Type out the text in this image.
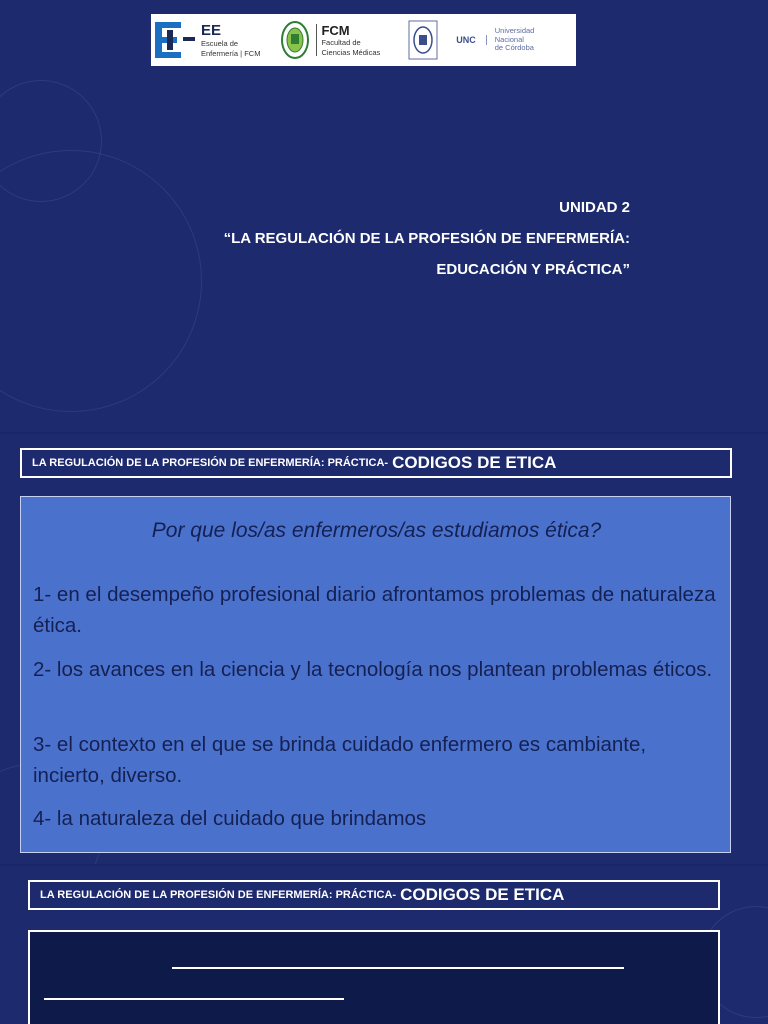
EE
Escuela de
Enfermería | FCM
FCM
Facultad de
Ciencias Médicas
UNC
Universidad
Nacional
de Córdoba
UNIDAD 2
“LA REGULACIÓN DE LA PROFESIÓN DE ENFERMERÍA:
EDUCACIÓN Y PRÁCTICA”
LA REGULACIÓN DE LA PROFESIÓN DE ENFERMERÍA: PRÁCTICA- CODIGOS DE ETICA
Por que los/as enfermeros/as estudiamos ética?
1- en el desempeño profesional diario afrontamos problemas de naturaleza ética.
2- los avances en la ciencia y la tecnología nos plantean problemas éticos.
3- el contexto en el que se brinda cuidado enfermero es cambiante, incierto, diverso.
4- la naturaleza del cuidado que brindamos
LA REGULACIÓN DE LA PROFESIÓN DE ENFERMERÍA: PRÁCTICA- CODIGOS DE ETICA
